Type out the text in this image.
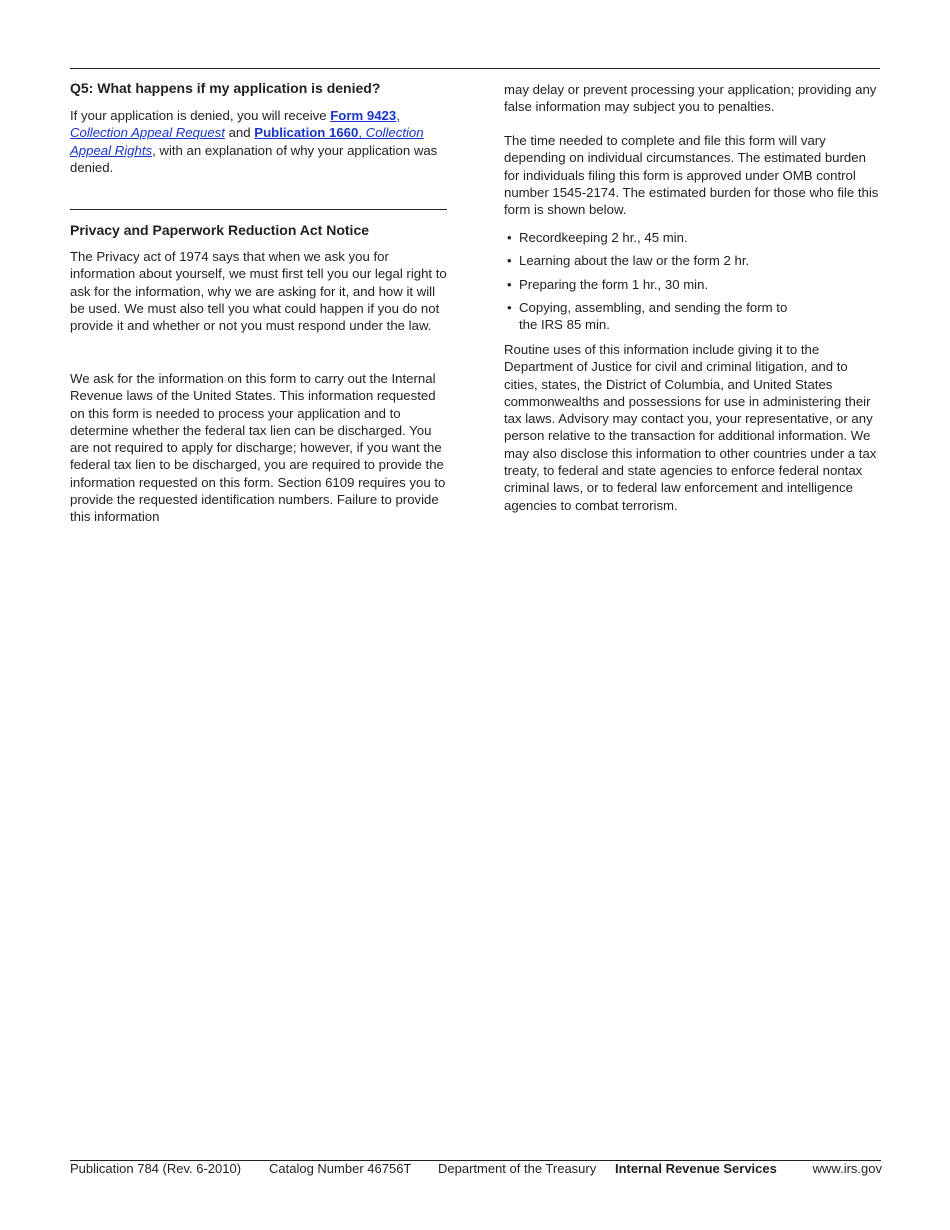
Q5: What happens if my application is denied?

If your application is denied, you will receive Form 9423, Collection Appeal Request and Publication 1660, Collection Appeal Rights, with an explanation of why your application was denied.

Privacy and Paperwork Reduction Act Notice

The Privacy act of 1974 says that when we ask you for information about yourself, we must first tell you our legal right to ask for the information, why we are asking for it, and how it will be used. We must also tell you what could happen if you do not provide it and whether or not you must respond under the law.

We ask for the information on this form to carry out the Internal Revenue laws of the United States. This information requested on this form is needed to process your application and to determine whether the federal tax lien can be discharged. You are not required to apply for discharge; however, if you want the federal tax lien to be discharged, you are required to provide the information requested on this form. Section 6109 requires you to provide the requested identification numbers. Failure to provide this information

may delay or prevent processing your application; providing any false information may subject you to penalties.

The time needed to complete and file this form will vary depending on individual circumstances. The estimated burden for individuals filing this form is approved under OMB control number 1545-2174. The estimated burden for those who file this form is shown below.

• Recordkeeping 2 hr., 45 min.
• Learning about the law or the form 2 hr.
• Preparing the form 1 hr., 30 min.
• Copying, assembling, and sending the form to the IRS 85 min.

Routine uses of this information include giving it to the Department of Justice for civil and criminal litigation, and to cities, states, the District of Columbia, and United States commonwealths and possessions for use in administering their tax laws. Advisory may contact you, your representative, or any person relative to the transaction for additional information. We may also disclose this information to other countries under a tax treaty, to federal and state agencies to enforce federal nontax criminal laws, or to federal law enforcement and intelligence agencies to combat terrorism.

Publication 784 (Rev. 6-2010) Catalog Number 46756T Department of the Treasury Internal Revenue Services	www.irs.gov
